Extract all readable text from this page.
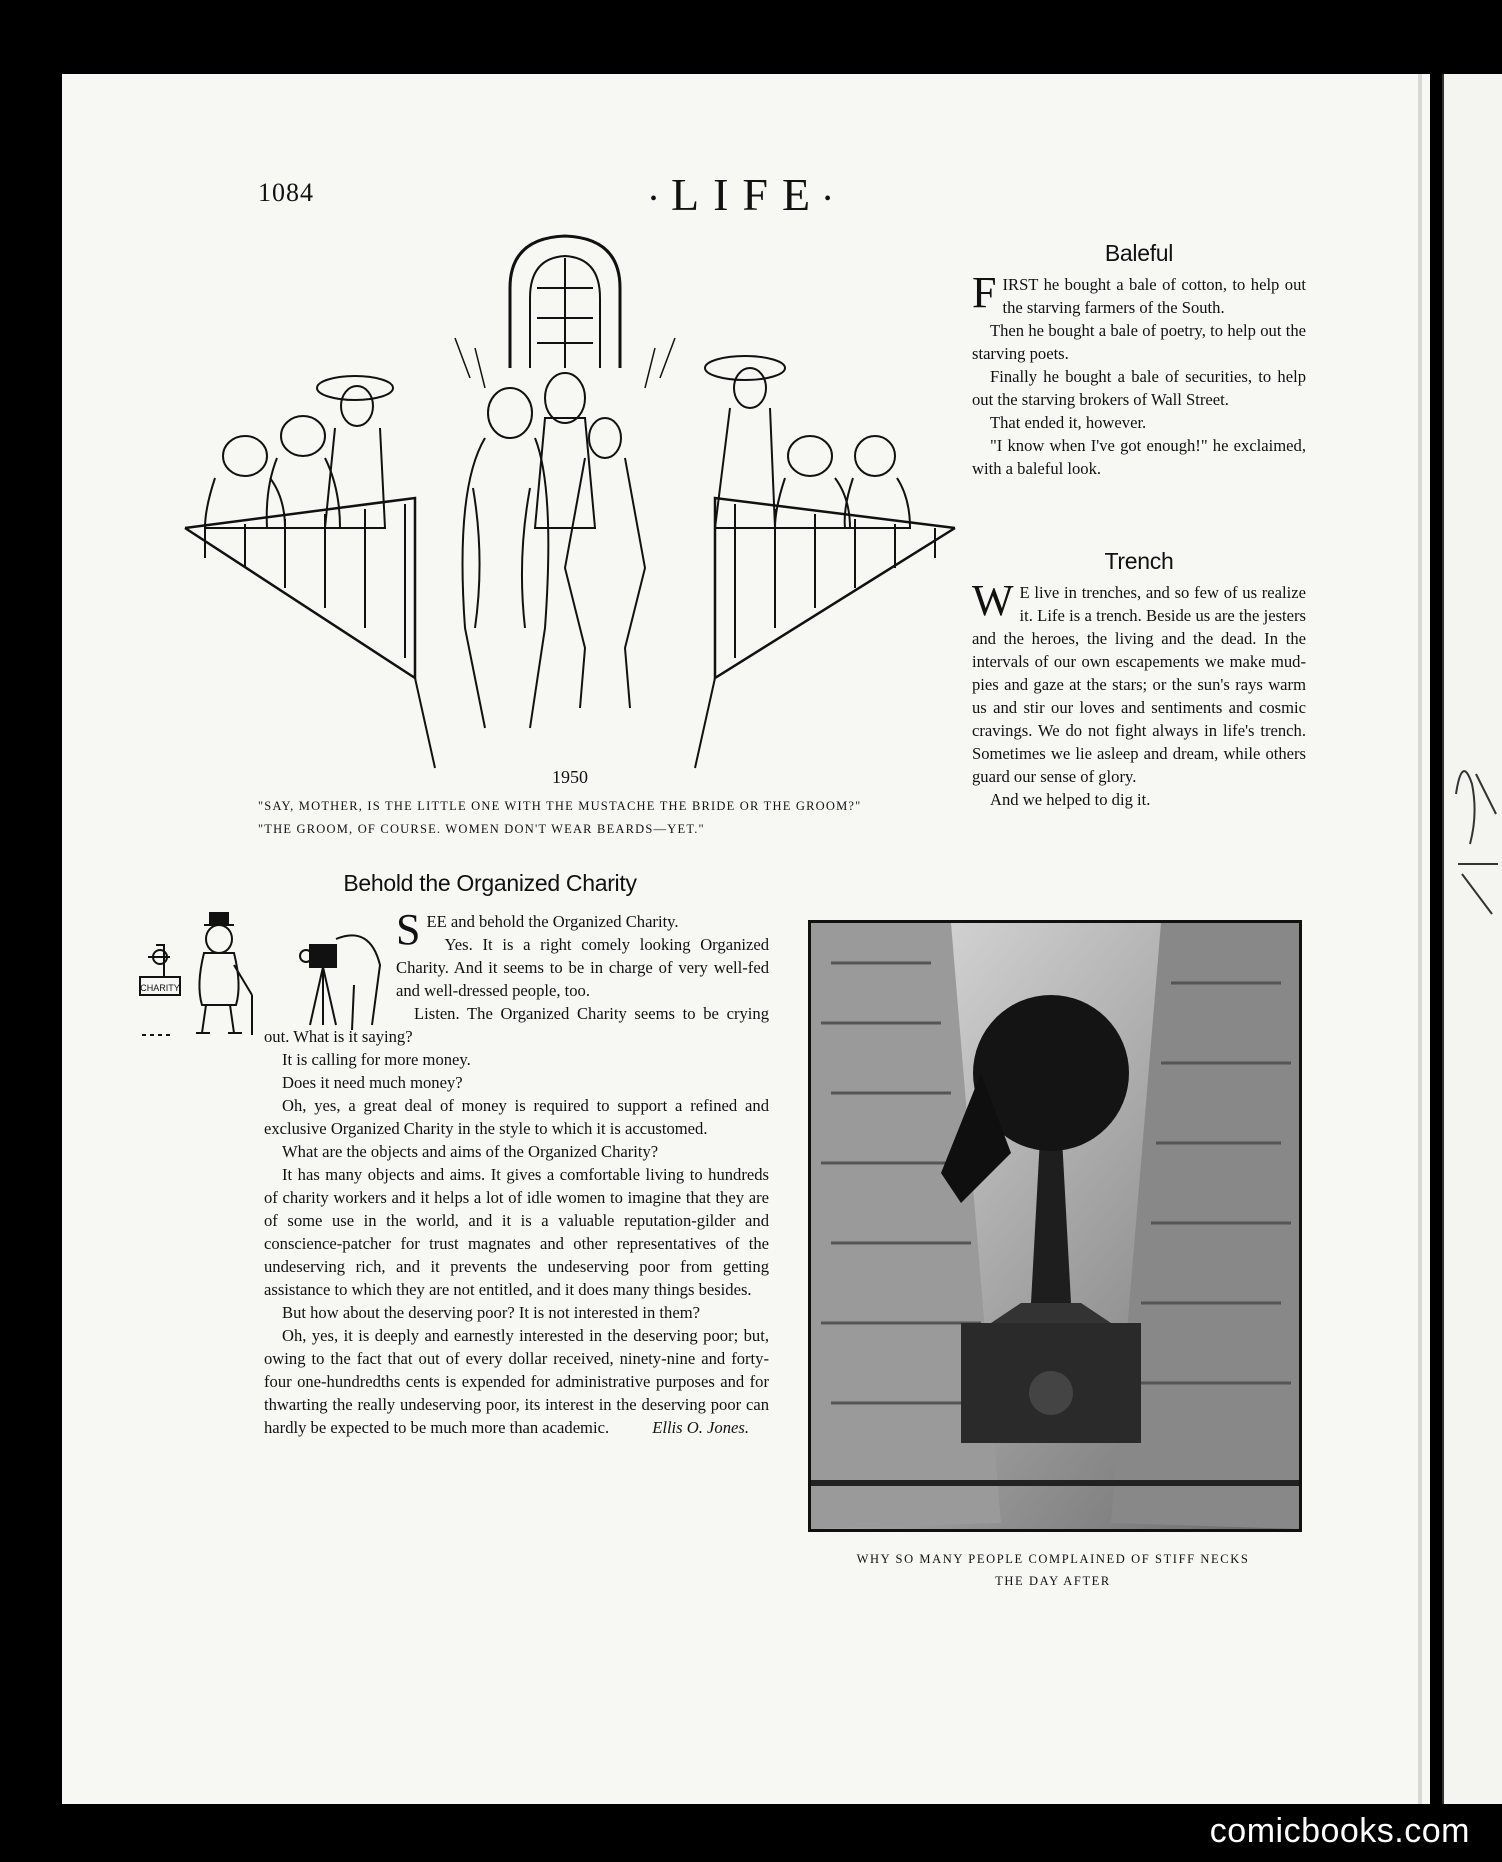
1084	•LIFE•
1950
"SAY, MOTHER, IS THE LITTLE ONE WITH THE MUSTACHE THE BRIDE OR THE GROOM?"
"THE GROOM, OF COURSE. WOMEN DON'T WEAR BEARDS—YET."
Baleful

FIRST he bought a bale of cotton, to help out the starving farmers of the South.

Then he bought a bale of poetry, to help out the starving poets.

Finally he bought a bale of securities, to help out the starving brokers of Wall Street.

That ended it, however.

"I know when I've got enough!" he exclaimed, with a baleful look.

Trench

W E live in trenches, and so few of us realize it. Life is a trench. Beside us are the jesters and the heroes, the living and the dead. In the intervals of our own escapements we make mud-pies and gaze at the stars; or the sun's rays warm us and stir our loves and sentiments and cosmic cravings. We do not fight always in life's trench. Sometimes we lie asleep and dream, while others guard our sense of glory.

And we helped to dig it.

CHARITY
Behold the Organized Charity

SEE and behold the Organized Charity.

Yes. It is a right comely looking Organized Charity. And it seems to be in charge of very well-fed and well-dressed people, too.

Listen. The Organized Charity seems to be crying out. What is it saying?

It is calling for more money.

Does it need much money?

Oh, yes, a great deal of money is required to support a refined and exclusive Organized Charity in the style to which it is accustomed.

What are the objects and aims of the Organized Charity?

It has many objects and aims. It gives a comfortable living to hundreds of charity workers and it helps a lot of idle women to imagine that they are of some use in the world, and it is a valuable reputation-gilder and conscience-patcher for trust magnates and other representatives of the undeserving rich, and it prevents the undeserving poor from getting assistance to which they are not entitled, and it does many things besides.

But how about the deserving poor? It is not interested in them?

Oh, yes, it is deeply and earnestly interested in the deserving poor; but, owing to the fact that out of every dollar received, ninety-nine and forty-four one-hundredths cents is expended for administrative purposes and for thwarting the really undeserving poor, its interest in the deserving poor can hardly be expected to be much more than academic.	Ellis O. Jones.

WHY SO MANY PEOPLE COMPLAINED OF STIFF NECKS
THE DAY AFTER
comicbooks.com
